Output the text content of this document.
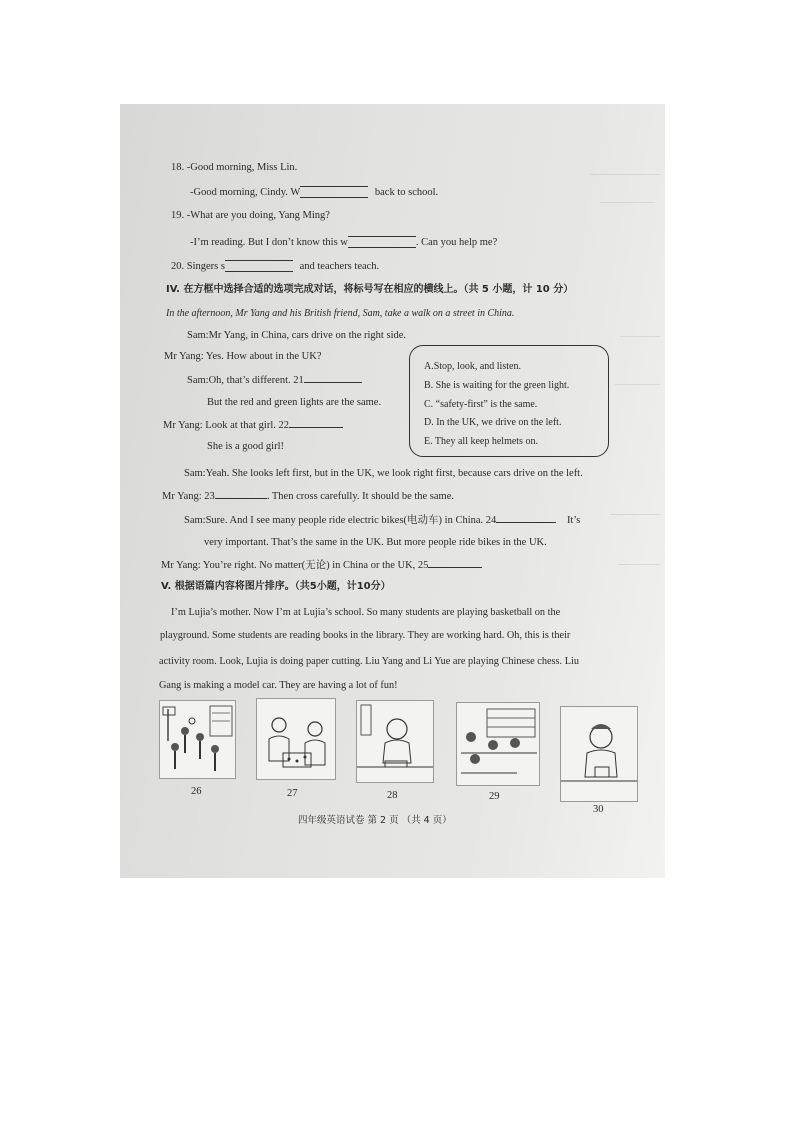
18. -Good morning, Miss Lin.
-Good morning, Cindy. W	back to school.
19. -What are you doing, Yang Ming?
-I’m reading. But I don’t know this w	. Can you help me?
20. Singers s	and teachers teach.
IV. 在方框中选择合适的选项完成对话，将标号写在相应的横线上。（共 5 小题，计 10 分）
In the afternoon, Mr Yang and his British friend, Sam, take a walk on a street in China.
Sam:Mr Yang, in China, cars drive on the right side.
Mr Yang: Yes. How about in the UK?
Sam:Oh, that’s different. 21
But the red and green lights are the same.
Mr Yang: Look at that girl. 22
She is a good girl!
Sam:Yeah. She looks left first, but in the UK, we look right first, because cars drive on the left.
Mr Yang: 23	. Then cross carefully. It should be the same.
Sam:Sure. And I see many people ride electric bikes(电动车) in China. 24	It’s
very important. That’s the same in the UK. But more people ride bikes in the UK.
Mr Yang: You’re right. No matter(无论) in China or the UK, 25
A.Stop, look, and listen.
B. She is waiting for the green light.
C. “safety-first” is the same.
D. In the UK, we drive on the left.
E. They all keep helmets on.
V. 根据语篇内容将图片排序。（共5小题，计10分）
I’m Lujia’s mother. Now I’m at Lujia’s school. So many students are playing basketball on the
playground. Some students are reading books in the library. They are working hard. Oh, this is their
activity room. Look, Lujia is doing paper cutting. Liu Yang and Li Yue are playing Chinese chess. Liu
Gang is making a model car. They are having a lot of fun!
26	27	28	29
30
四年级英语试卷 第 2 页 （共 4 页）
